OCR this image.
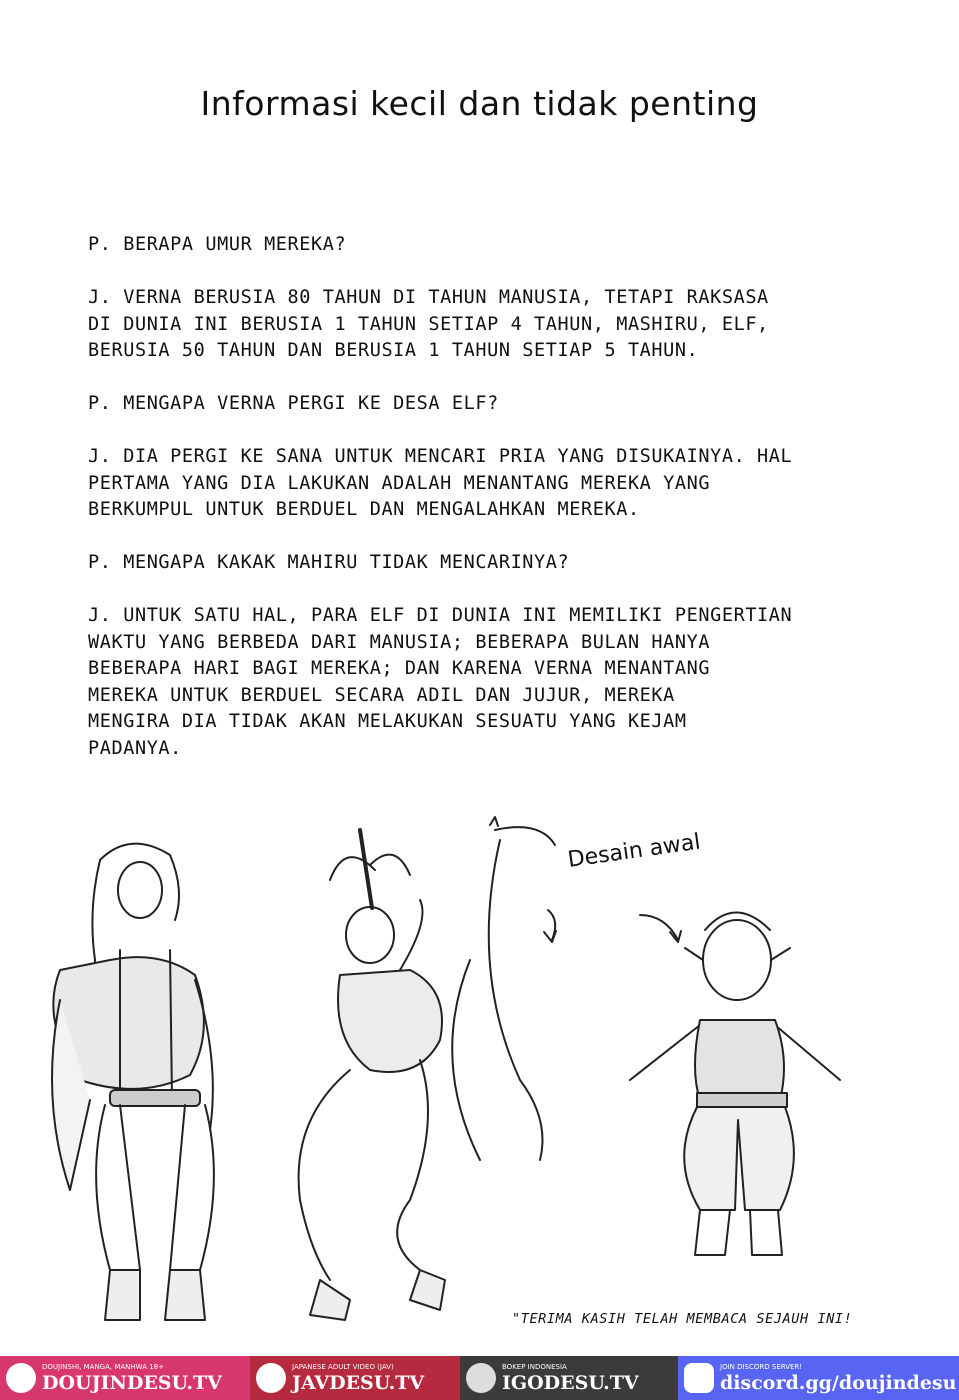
Informasi kecil dan tidak penting

P. BERAPA UMUR MEREKA?

J. VERNA BERUSIA 80 TAHUN DI TAHUN MANUSIA, TETAPI RAKSASA
DI DUNIA INI BERUSIA 1 TAHUN SETIAP 4 TAHUN, MASHIRU, ELF,
BERUSIA 50 TAHUN DAN BERUSIA 1 TAHUN SETIAP 5 TAHUN.

P. MENGAPA VERNA PERGI KE DESA ELF?

J. DIA PERGI KE SANA UNTUK MENCARI PRIA YANG DISUKAINYA. HAL
PERTAMA YANG DIA LAKUKAN ADALAH MENANTANG MEREKA YANG
BERKUMPUL UNTUK BERDUEL DAN MENGALAHKAN MEREKA.

P. MENGAPA KAKAK MAHIRU TIDAK MENCARINYA?

J. UNTUK SATU HAL, PARA ELF DI DUNIA INI MEMILIKI PENGERTIAN
WAKTU YANG BERBEDA DARI MANUSIA; BEBERAPA BULAN HANYA
BEBERAPA HARI BAGI MEREKA; DAN KARENA VERNA MENANTANG
MEREKA UNTUK BERDUEL SECARA ADIL DAN JUJUR, MEREKA
MENGIRA DIA TIDAK AKAN MELAKUKAN SESUATU YANG KEJAM
PADANYA.

Desain awal
"TERIMA KASIH TELAH MEMBACA SEJAUH INI!
DOUJINSHI, MANGA, MANHWA 18+
DOUJINDESU.TV
JAPANESE ADULT VIDEO (JAV)
JAVDESU.TV
BOKEP INDONESIA
IGODESU.TV
JOIN DISCORD SERVER!
discord.gg/doujindesu
